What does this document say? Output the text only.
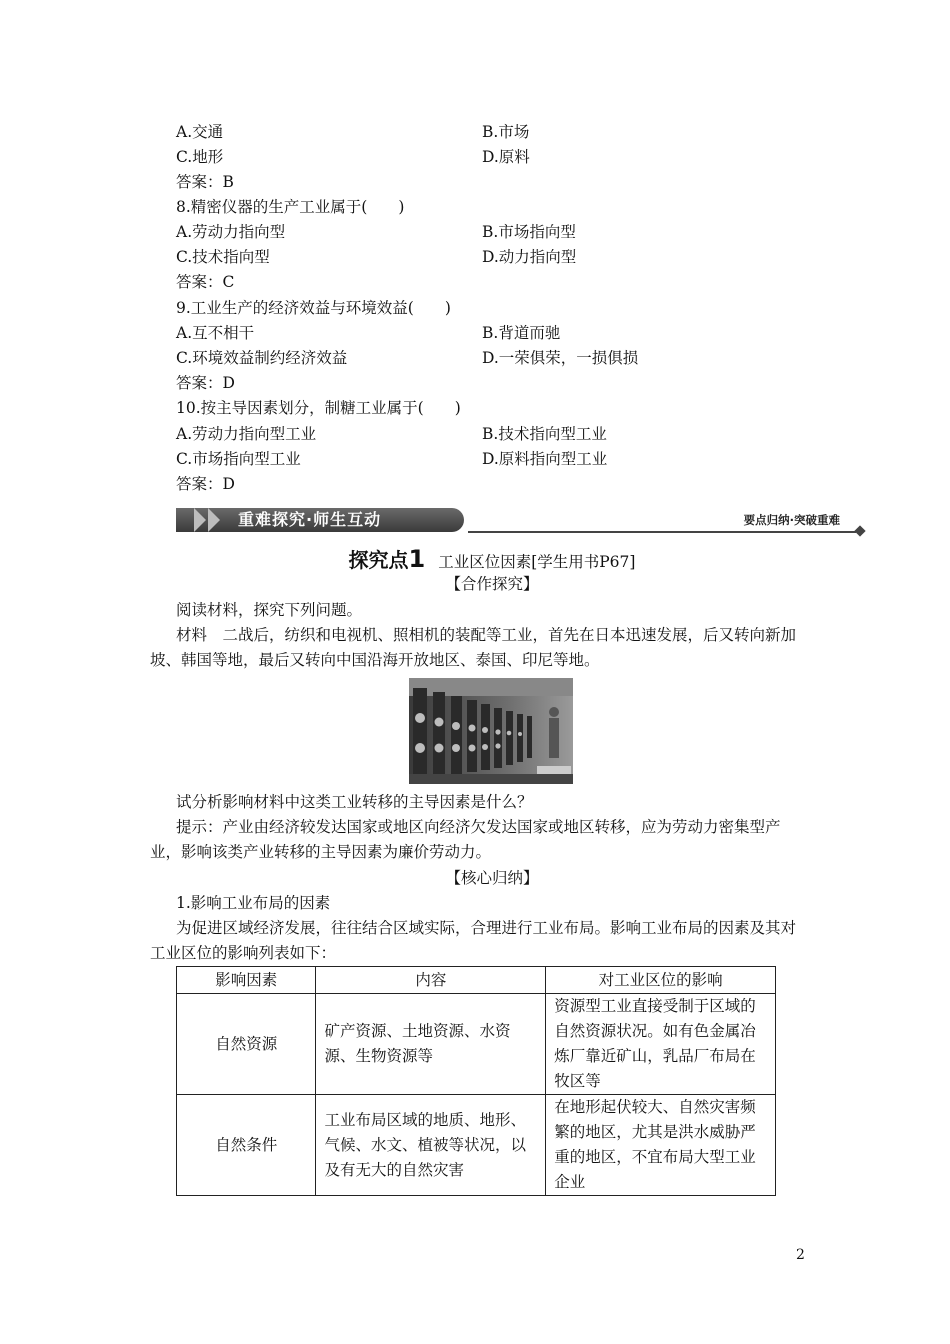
A.交通	B.市场
C.地形	D.原料
答案：B
8.精密仪器的生产工业属于(　　)
A.劳动力指向型	B.市场指向型
C.技术指向型	D.动力指向型
答案：C
9.工业生产的经济效益与环境效益(　　)
A.互不相干	B.背道而驰
C.环境效益制约经济效益	D.一荣俱荣，一损俱损
答案：D
10.按主导因素划分，制糖工业属于(　　)
A.劳动力指向型工业	B.技术指向型工业
C.市场指向型工业	D.原料指向型工业
答案：D
重难探究·师生互动	要点归纳·突破重难
探究点1 工业区位因素[学生用书P67]
【合作探究】
阅读材料，探究下列问题。
材料　二战后，纺织和电视机、照相机的装配等工业，首先在日本迅速发展，后又转向新加坡、韩国等地，最后又转向中国沿海开放地区、泰国、印尼等地。
试分析影响材料中这类工业转移的主导因素是什么？
提示：产业由经济较发达国家或地区向经济欠发达国家或地区转移，应为劳动力密集型产业，影响该类产业转移的主导因素为廉价劳动力。
【核心归纳】
1.影响工业布局的因素
为促进区域经济发展，往往结合区域实际，合理进行工业布局。影响工业布局的因素及其对工业区位的影响列表如下：
影响因素	内容	对工业区位的影响
自然资源	矿产资源、土地资源、水资源、生物资源等	资源型工业直接受制于区域的自然资源状况。如有色金属冶炼厂靠近矿山，乳品厂布局在牧区等
自然条件	工业布局区域的地质、地形、气候、水文、植被等状况，以及有无大的自然灾害	在地形起伏较大、自然灾害频繁的地区，尤其是洪水威胁严重的地区，不宜布局大型工业企业
2
